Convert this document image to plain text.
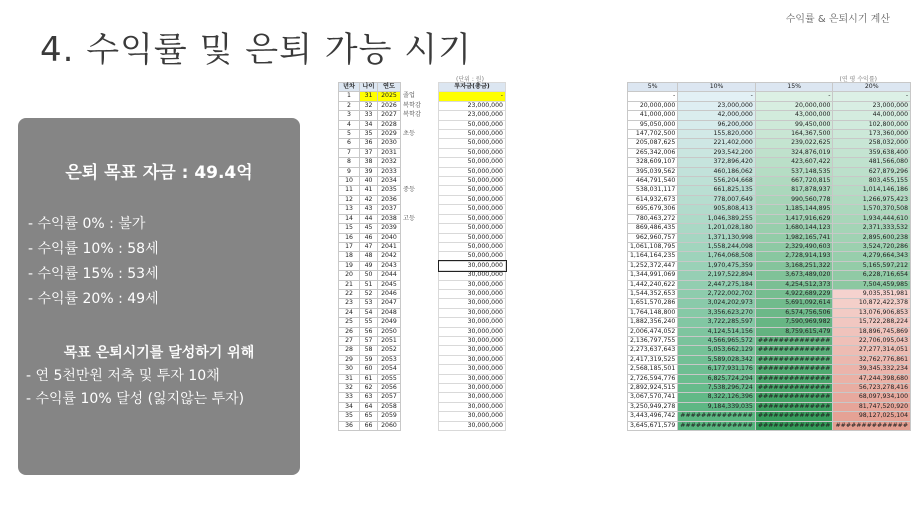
수익률 & 은퇴시기 계산
4. 수익률 및 은퇴 가능 시기
은퇴 목표 자금 : 49.4억
- 수익률 0% : 불가
- 수익률 10% : 58세
- 수익률 15% : 53세
- 수익률 20% : 49세
목표 은퇴시기를 달성하기 위해
- 연 5천만원 저축 및 투자 10채
- 수익률 10% 달성 (잃지않는 투자)
(단위 : 원)
년차	나이	연도		투자금(총금)
1	31	2025	졸업	-
2	32	2026	복학감	23,000,000
3	33	2027	복학감	23,000,000
4	34	2028		50,000,000
5	35	2029	초등	50,000,000
6	36	2030		50,000,000
7	37	2031		50,000,000
8	38	2032		50,000,000
9	39	2033		50,000,000
10	40	2034		50,000,000
11	41	2035	중등	50,000,000
12	42	2036		50,000,000
13	43	2037		50,000,000
14	44	2038	고등	50,000,000
15	45	2039		50,000,000
16	46	2040		50,000,000
17	47	2041		50,000,000
18	48	2042		50,000,000
19	49	2043		30,000,000
20	50	2044		30,000,000
21	51	2045		30,000,000
22	52	2046		30,000,000
23	53	2047		30,000,000
24	54	2048		30,000,000
25	55	2049		30,000,000
26	56	2050		30,000,000
27	57	2051		30,000,000
28	58	2052		30,000,000
29	59	2053		30,000,000
30	60	2054		30,000,000
31	61	2055		30,000,000
32	62	2056		30,000,000
33	63	2057		30,000,000
34	64	2058		30,000,000
35	65	2059		30,000,000
36	66	2060		30,000,000
(연 평 수익률)
5%	10%	15%	20%
-	-	-	-
20,000,000	23,000,000	20,000,000	23,000,000
41,000,000	42,000,000	43,000,000	44,000,000
95,050,000	96,200,000	99,450,000	102,800,000
147,702,500	155,820,000	164,367,500	173,360,000
205,087,625	221,402,000	239,022,625	258,032,000
265,342,006	293,542,200	324,876,019	359,638,400
328,609,107	372,896,420	423,607,422	481,566,080
395,039,562	460,186,062	537,148,535	627,879,296
464,791,540	556,204,668	667,720,815	803,455,155
538,031,117	661,825,135	817,878,937	1,014,146,186
614,932,673	778,007,649	990,560,778	1,266,975,423
695,679,306	905,808,413	1,185,144,895	1,570,370,508
780,463,272	1,046,389,255	1,417,916,629	1,934,444,610
869,486,435	1,201,028,180	1,680,144,123	2,371,333,532
962,960,757	1,371,130,998	1,982,165,741	2,895,600,238
1,061,108,795	1,558,244,098	2,329,490,603	3,524,720,286
1,164,164,235	1,764,068,508	2,728,914,193	4,279,664,343
1,252,372,447	1,970,475,359	3,168,251,322	5,165,597,212
1,344,991,069	2,197,522,894	3,673,489,020	6,228,716,654
1,442,240,622	2,447,275,184	4,254,512,373	7,504,459,985
1,544,352,653	2,722,002,702	4,922,689,229	9,035,351,981
1,651,570,286	3,024,202,973	5,691,092,614	10,872,422,378
1,764,148,800	3,356,623,270	6,574,756,506	13,076,906,853
1,882,356,240	3,722,285,597	7,590,969,982	15,722,288,224
2,006,474,052	4,124,514,156	8,759,615,479	18,896,745,869
2,136,797,755	4,566,965,572	##############	22,706,095,043
2,273,637,643	5,053,662,129	##############	27,277,314,051
2,417,319,525	5,589,028,342	##############	32,762,776,861
2,568,185,501	6,177,931,176	##############	39,345,332,234
2,726,594,776	6,825,724,294	##############	47,244,398,680
2,892,924,515	7,538,296,724	##############	56,723,278,416
3,067,570,741	8,322,126,396	##############	68,097,934,100
3,250,949,278	9,184,339,035	##############	81,747,520,920
3,443,496,742	##############	##############	98,127,025,104
3,645,671,579	##############	##############	##############
